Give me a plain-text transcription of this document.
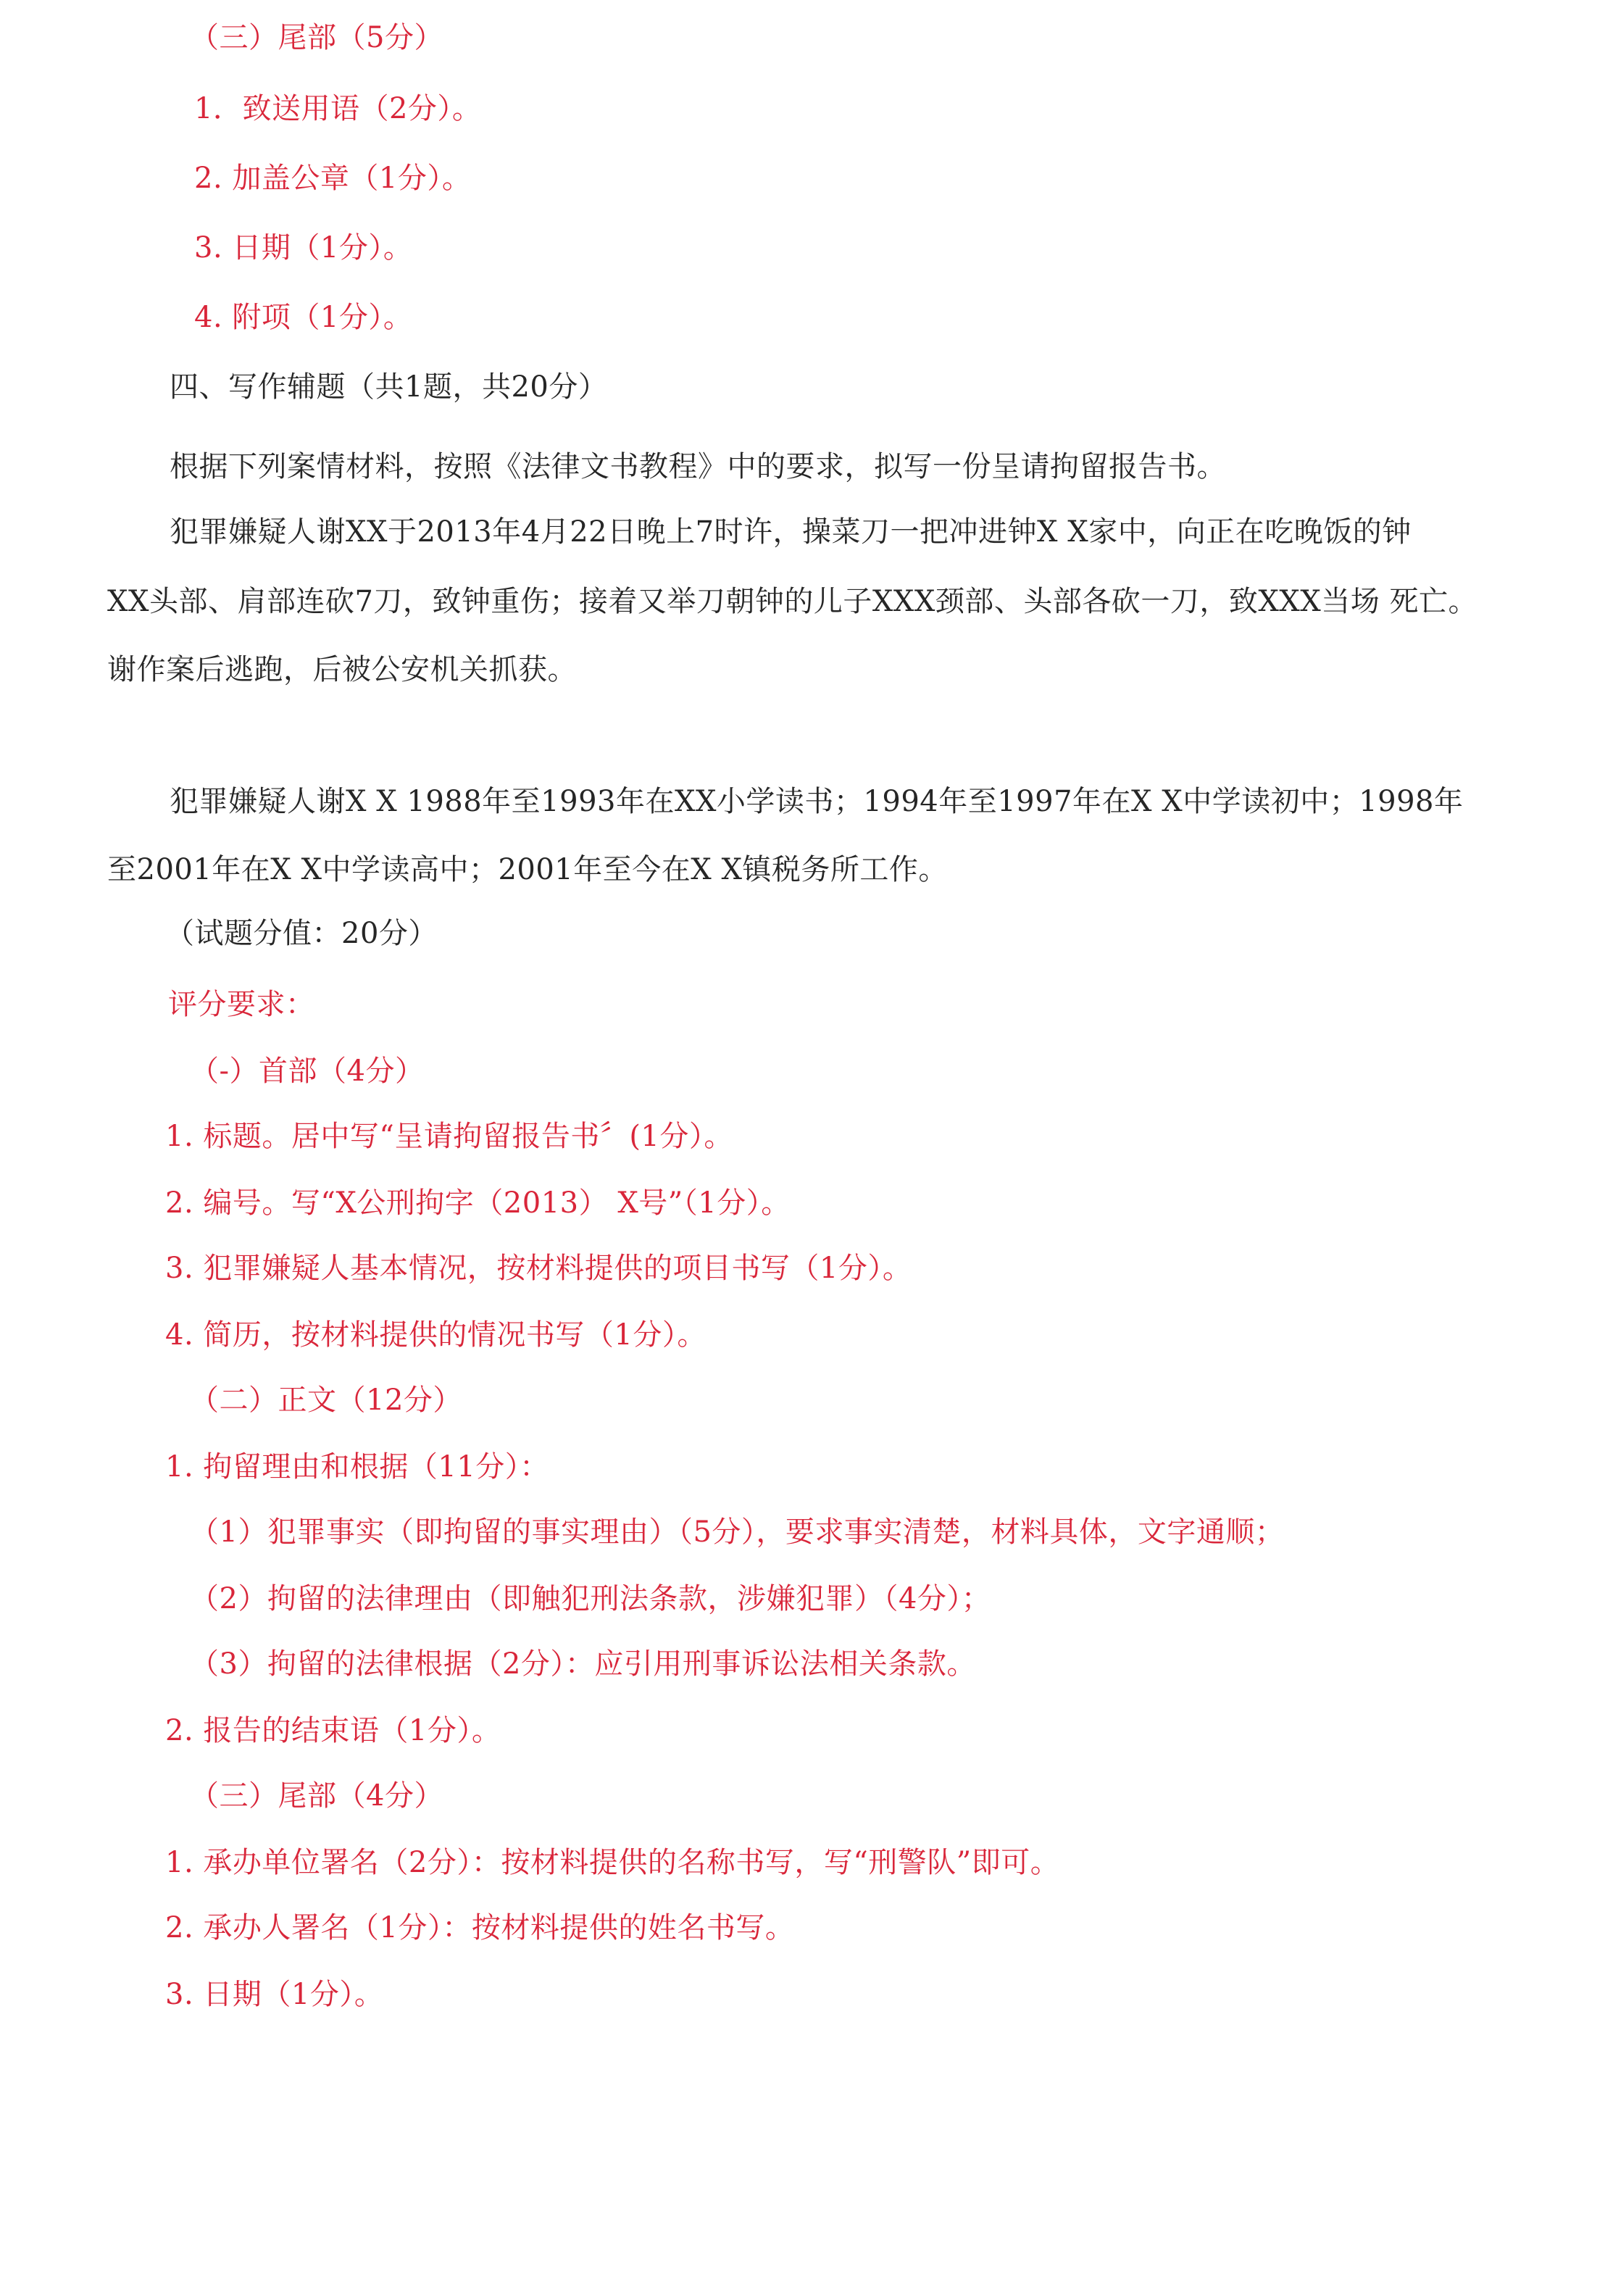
（三）尾部（5分）

1．致送用语（2分）。

2. 加盖公章（1分）。

3. 日期（1分）。

4. 附项（1分）。

四、写作辅题（共1题，共20分）

根据下列案情材料，按照《法律文书教程》中的要求，拟写一份呈请拘留报告书。

犯罪嫌疑人谢XX于2013年4月22日晚上7时许，操菜刀一把冲进钟X X家中，向正在吃晚饭的钟

XX头部、肩部连砍7刀，致钟重伤；接着又举刀朝钟的儿子XXX颈部、头部各砍一刀，致XXX当场 死亡。

谢作案后逃跑，后被公安机关抓获。

犯罪嫌疑人谢X X 1988年至1993年在XX小学读书；1994年至1997年在X X中学读初中；1998年

至2001年在X X中学读高中；2001年至今在X X镇税务所工作。

（试题分值：20分）

评分要求：

（-）首部（4分）

1. 标题。居中写“呈请拘留报告书〞(1分）。

2. 编号。写“X公刑拘字（2013） X号”（1分）。

3. 犯罪嫌疑人基本情况，按材料提供的项目书写（1分）。

4. 简历，按材料提供的情况书写（1分）。

（二）正文（12分）

1. 拘留理由和根据（11分）：

（1）犯罪事实（即拘留的事实理由）（5分），要求事实清楚，材料具体，文字通顺；

（2）拘留的法律理由（即触犯刑法条款，涉嫌犯罪）（4分）；

（3）拘留的法律根据（2分）：应引用刑事诉讼法相关条款。

2. 报告的结束语（1分）。

（三）尾部（4分）

1. 承办单位署名（2分）：按材料提供的名称书写，写“刑警队”即可。

2. 承办人署名（1分）：按材料提供的姓名书写。

3. 日期（1分）。
